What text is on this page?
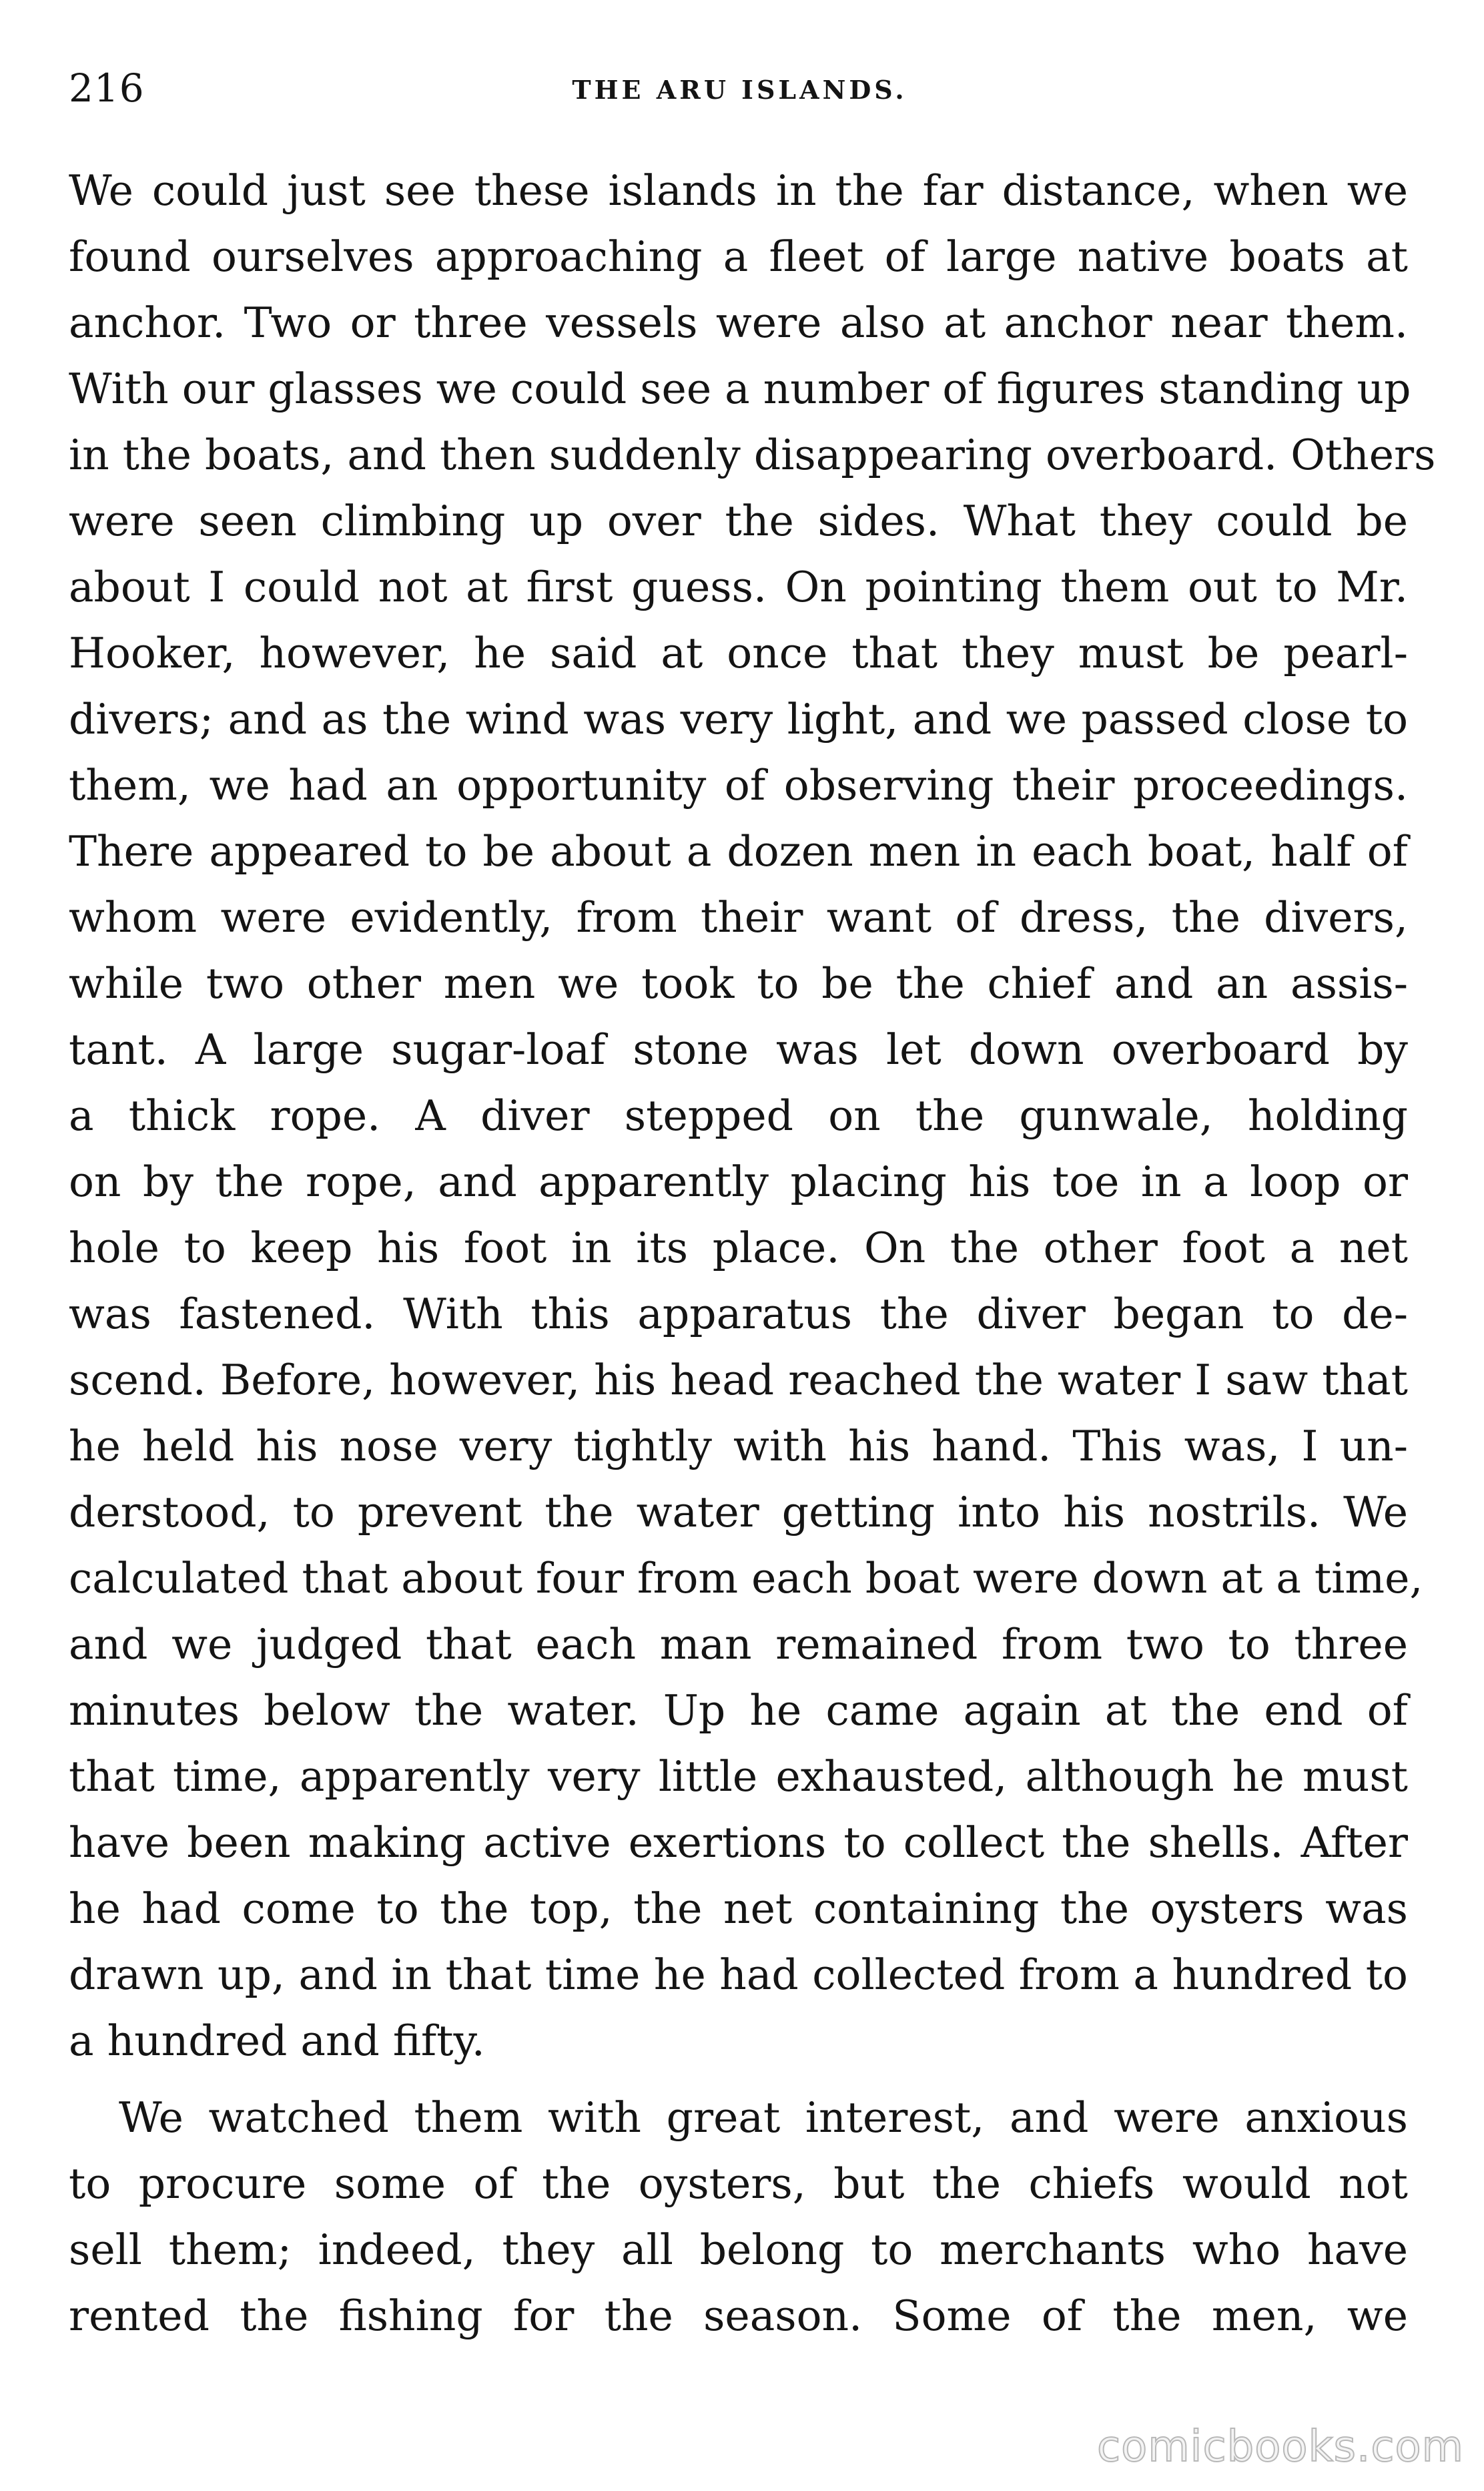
216	THE ARU ISLANDS.
We could just see these islands in the far distance, when we
found ourselves approaching a fleet of large native boats at
anchor. Two or three vessels were also at anchor near them.
With our glasses we could see a number of figures standing up
in the boats, and then suddenly disappearing overboard. Others
were seen climbing up over the sides. What they could be
about I could not at first guess. On pointing them out to Mr.
Hooker, however, he said at once that they must be pearl-
divers; and as the wind was very light, and we passed close to
them, we had an opportunity of observing their proceedings.
There appeared to be about a dozen men in each boat, half of
whom were evidently, from their want of dress, the divers,
while two other men we took to be the chief and an assis-
tant. A large sugar-loaf stone was let down overboard by
a thick rope. A diver stepped on the gunwale, holding
on by the rope, and apparently placing his toe in a loop or
hole to keep his foot in its place. On the other foot a net
was fastened. With this apparatus the diver began to de-
scend. Before, however, his head reached the water I saw that
he held his nose very tightly with his hand. This was, I un-
derstood, to prevent the water getting into his nostrils. We
calculated that about four from each boat were down at a time,
and we judged that each man remained from two to three
minutes below the water. Up he came again at the end of
that time, apparently very little exhausted, although he must
have been making active exertions to collect the shells. After
he had come to the top, the net containing the oysters was
drawn up, and in that time he had collected from a hundred to
a hundred and fifty.
We watched them with great interest, and were anxious
to procure some of the oysters, but the chiefs would not
sell them; indeed, they all belong to merchants who have
rented the fishing for the season. Some of the men, we
comicbooks.com
